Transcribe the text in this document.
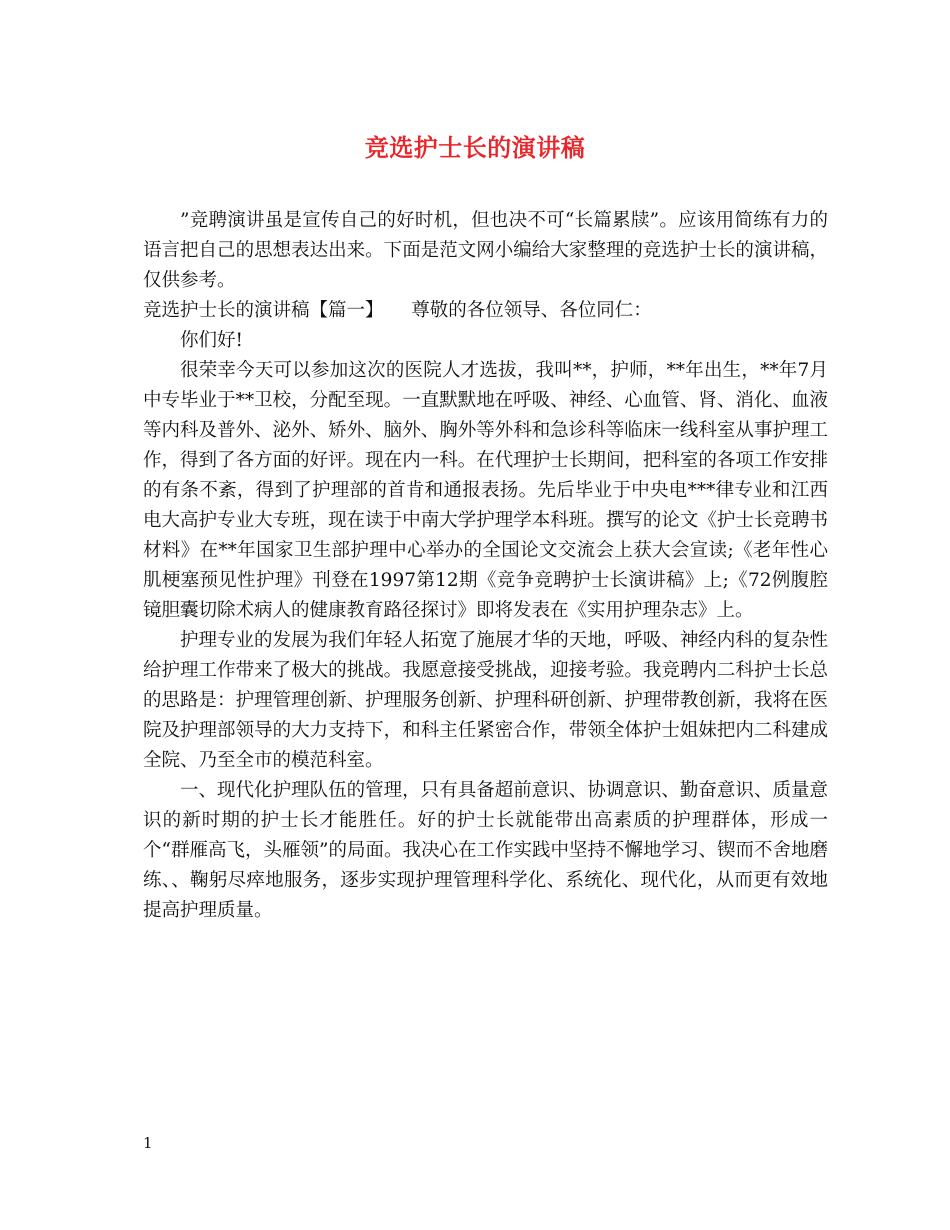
竞选护士长的演讲稿

”竞聘演讲虽是宣传自己的好时机，但也决不可“长篇累牍”。应该用简练有力的语言把自己的思想表达出来。下面是范文网小编给大家整理的竞选护士长的演讲稿，仅供参考。

竞选护士长的演讲稿【篇一】　　尊敬的各位领导、各位同仁：

你们好!

很荣幸今天可以参加这次的医院人才选拔，我叫**，护师，**年出生，**年7月中专毕业于**卫校，分配至现。一直默默地在呼吸、神经、心血管、肾、消化、血液等内科及普外、泌外、矫外、脑外、胸外等外科和急诊科等临床一线科室从事护理工作，得到了各方面的好评。现在内一科。在代理护士长期间，把科室的各项工作安排的有条不紊，得到了护理部的首肯和通报表扬。先后毕业于中央电***律专业和江西电大高护专业大专班，现在读于中南大学护理学本科班。撰写的论文《护士长竞聘书材料》在**年国家卫生部护理中心举办的全国论文交流会上获大会宣读;《老年性心肌梗塞预见性护理》刊登在1997第12期《竞争竞聘护士长演讲稿》上;《72例腹腔镜胆囊切除术病人的健康教育路径探讨》即将发表在《实用护理杂志》上。

护理专业的发展为我们年轻人拓宽了施展才华的天地，呼吸、神经内科的复杂性给护理工作带来了极大的挑战。我愿意接受挑战，迎接考验。我竞聘内二科护士长总的思路是：护理管理创新、护理服务创新、护理科研创新、护理带教创新，我将在医院及护理部领导的大力支持下，和科主任紧密合作，带领全体护士姐妹把内二科建成全院、乃至全市的模范科室。

一、现代化护理队伍的管理，只有具备超前意识、协调意识、勤奋意识、质量意识的新时期的护士长才能胜任。好的护士长就能带出高素质的护理群体，形成一个“群雁高飞，头雁领”的局面。我决心在工作实践中坚持不懈地学习、锲而不舍地磨练、、鞠躬尽瘁地服务，逐步实现护理管理科学化、系统化、现代化，从而更有效地提高护理质量。

1
